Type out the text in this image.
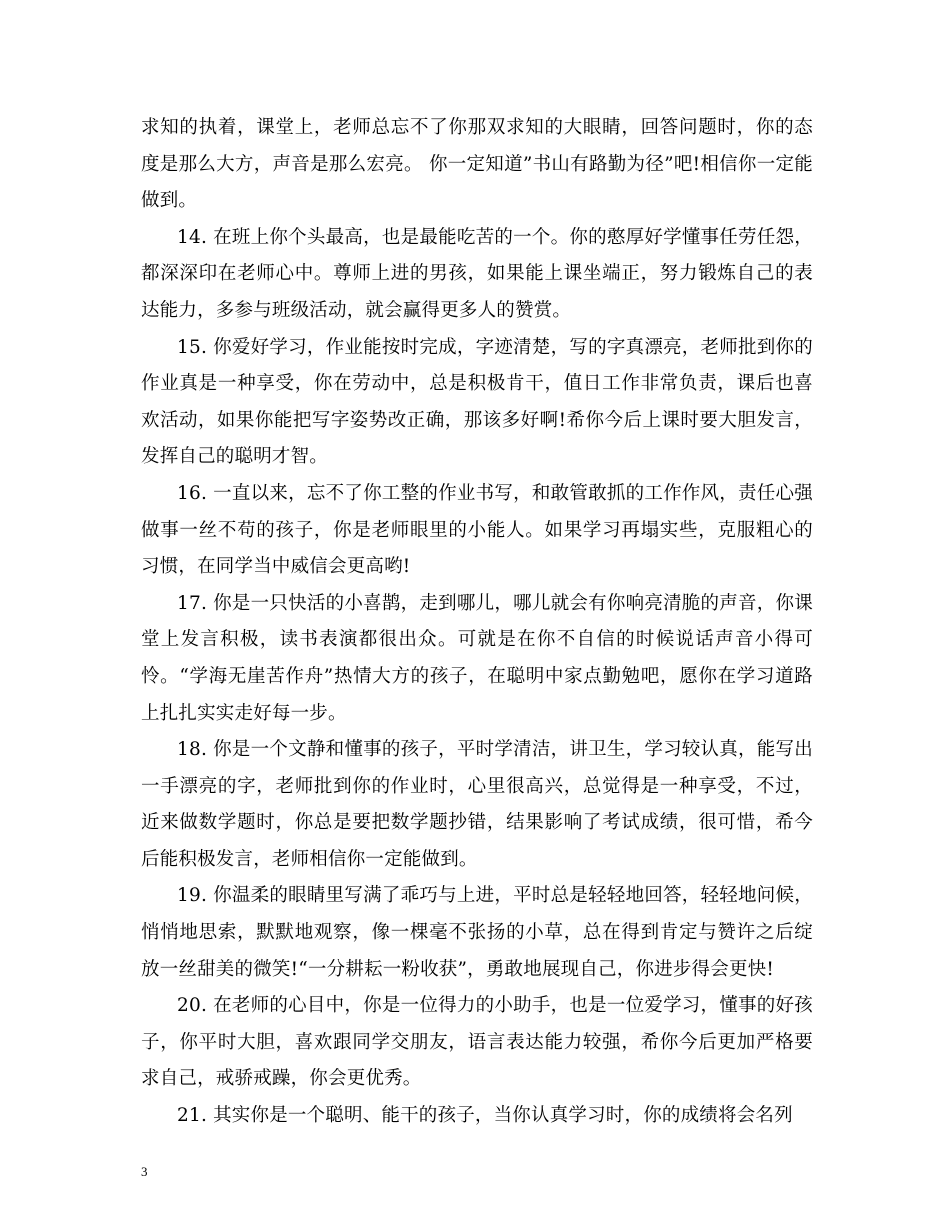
求知的执着，课堂上，老师总忘不了你那双求知的大眼睛，回答问题时，你的态度是那么大方，声音是那么宏亮。 你一定知道”书山有路勤为径”吧!相信你一定能做到。

14. 在班上你个头最高，也是最能吃苦的一个。你的憨厚好学懂事任劳任怨，都深深印在老师心中。尊师上进的男孩，如果能上课坐端正，努力锻炼自己的表达能力，多参与班级活动，就会赢得更多人的赞赏。

15. 你爱好学习，作业能按时完成，字迹清楚，写的字真漂亮，老师批到你的作业真是一种享受，你在劳动中，总是积极肯干，值日工作非常负责，课后也喜欢活动，如果你能把写字姿势改正确，那该多好啊!希你今后上课时要大胆发言，发挥自己的聪明才智。

16. 一直以来，忘不了你工整的作业书写，和敢管敢抓的工作作风，责任心强做事一丝不苟的孩子，你是老师眼里的小能人。如果学习再塌实些，克服粗心的习惯，在同学当中威信会更高哟!

17. 你是一只快活的小喜鹊，走到哪儿，哪儿就会有你响亮清脆的声音，你课堂上发言积极，读书表演都很出众。可就是在你不自信的时候说话声音小得可怜。“学海无崖苦作舟”热情大方的孩子，在聪明中家点勤勉吧，愿你在学习道路上扎扎实实走好每一步。

18. 你是一个文静和懂事的孩子，平时学清洁，讲卫生，学习较认真，能写出一手漂亮的字，老师批到你的作业时，心里很高兴，总觉得是一种享受，不过，近来做数学题时，你总是要把数学题抄错，结果影响了考试成绩，很可惜，希今后能积极发言，老师相信你一定能做到。

19. 你温柔的眼睛里写满了乖巧与上进，平时总是轻轻地回答，轻轻地问候，悄悄地思索，默默地观察，像一棵毫不张扬的小草，总在得到肯定与赞许之后绽放一丝甜美的微笑!“一分耕耘一粉收获”，勇敢地展现自己，你进步得会更快!

20. 在老师的心目中，你是一位得力的小助手，也是一位爱学习，懂事的好孩子，你平时大胆，喜欢跟同学交朋友，语言表达能力较强，希你今后更加严格要求自己，戒骄戒躁，你会更优秀。

21. 其实你是一个聪明、能干的孩子，当你认真学习时，你的成绩将会名列

3
